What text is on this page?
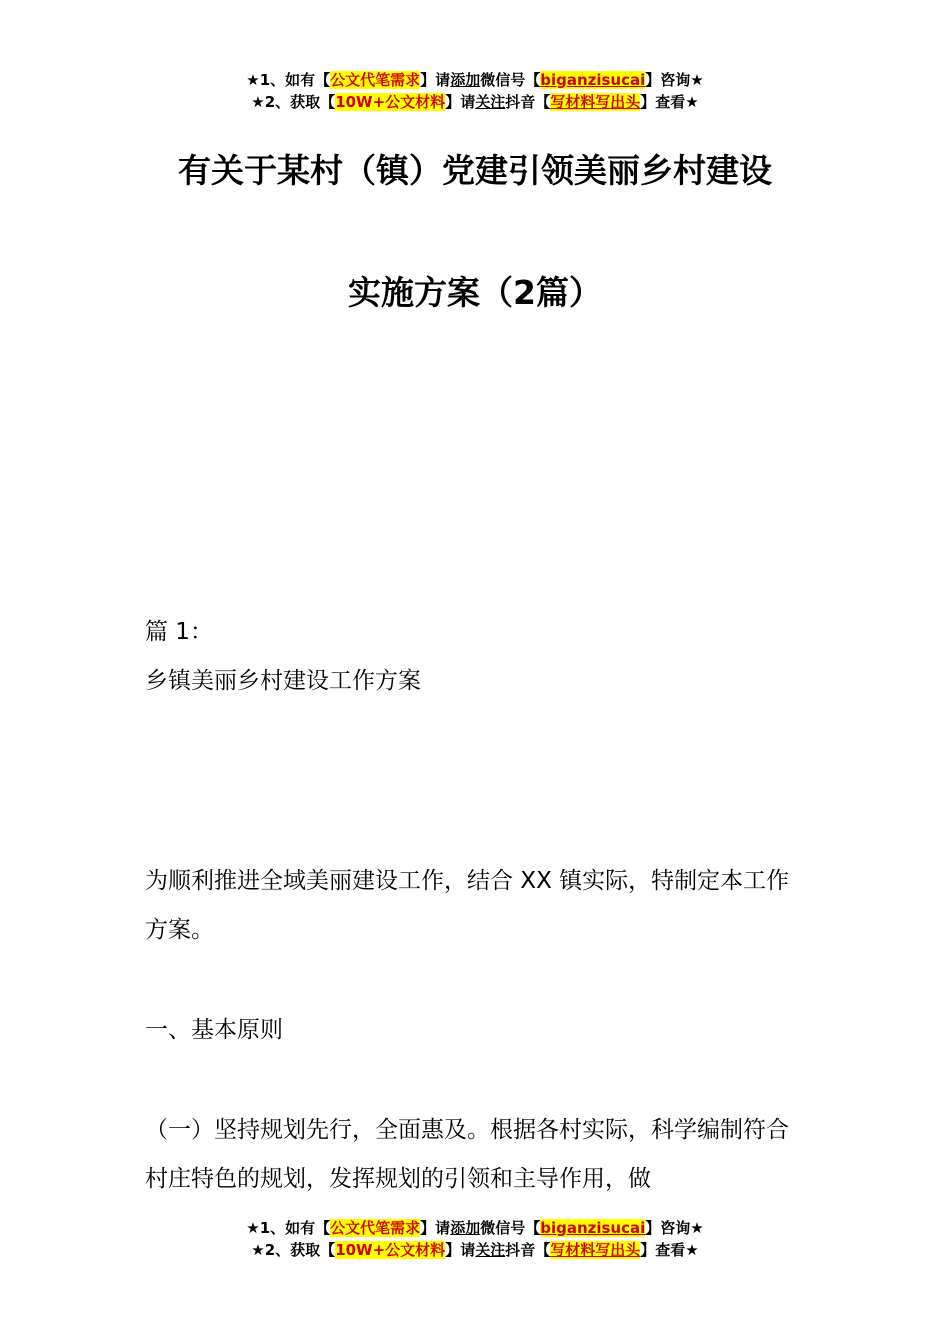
★1、如有【公文代笔需求】请添加微信号【biganzisucai】咨询★
★2、获取【10W+公文材料】请关注抖音【写材料写出头】查看★
有关于某村（镇）党建引领美丽乡村建设
实施方案（2篇）

篇 1：

乡镇美丽乡村建设工作方案

为顺利推进全域美丽建设工作，结合 XX 镇实际，特制定本工作方案。

一、基本原则

（一）坚持规划先行，全面惠及。根据各村实际，科学编制符合村庄特色的规划，发挥规划的引领和主导作用，做

★1、如有【公文代笔需求】请添加微信号【biganzisucai】咨询★
★2、获取【10W+公文材料】请关注抖音【写材料写出头】查看★
